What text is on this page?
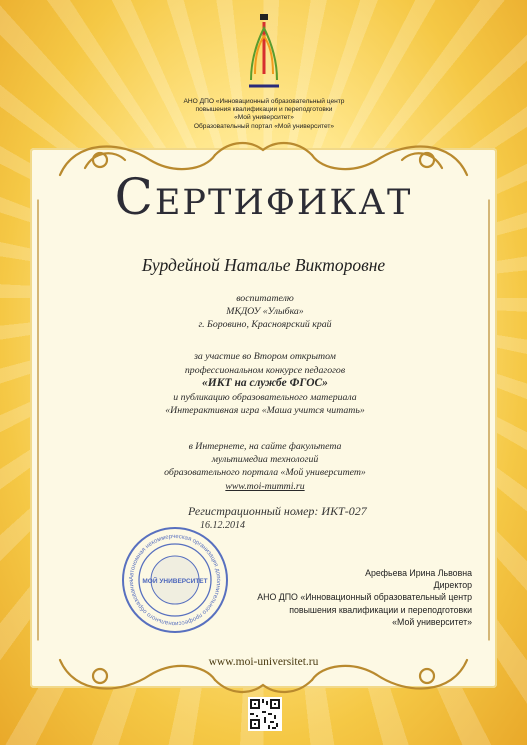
АНО ДПО «Инновационный образовательный центр
повышения квалификации и переподготовки
«Мой университет»
Образовательный портал «Мой университет»
Сертификат
Бурдейной Наталье Викторовне
воспитателю
МКДОУ «Улыбка»
г. Боровино, Красноярский край
за участие во Втором открытом
профессиональном конкурсе педагогов
«ИКТ на службе ФГОС»
и публикацию образовательного материала
«Интерактивная игра «Маша учится читать»
в Интернете, на сайте факультета
мультимедиа технологий
образовательного портала «Мой университет»
www.moi-mummi.ru
Регистрационный номер: ИКТ-027
16.12.2014
Автономная некоммерческая организация дополнительного профессионального образования	МОЙ УНИВЕРСИТЕТ
Арефьева Ирина Львовна
Директор
АНО ДПО «Инновационный образовательный центр
повышения квалификации и переподготовки
«Мой университет»
www.moi-universitet.ru
